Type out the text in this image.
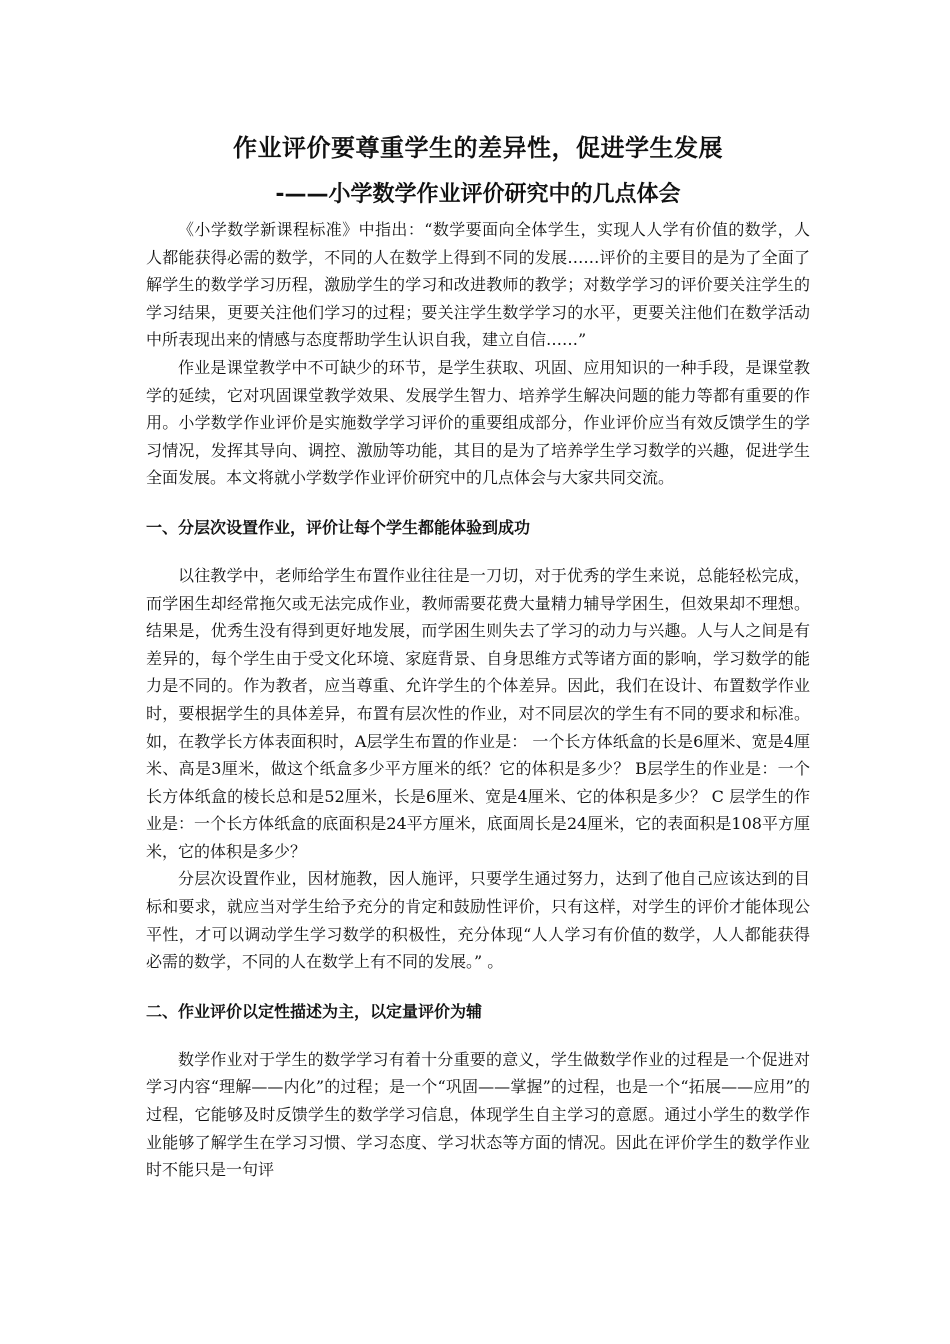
作业评价要尊重学生的差异性，促进学生发展
-——小学数学作业评价研究中的几点体会

《小学数学新课程标准》中指出：“数学要面向全体学生，实现人人学有价值的数学，人人都能获得必需的数学，不同的人在数学上得到不同的发展……评价的主要目的是为了全面了解学生的数学学习历程，激励学生的学习和改进教师的教学；对数学学习的评价要关注学生的学习结果，更要关注他们学习的过程；要关注学生数学学习的水平，更要关注他们在数学活动中所表现出来的情感与态度帮助学生认识自我，建立自信……”

作业是课堂教学中不可缺少的环节，是学生获取、巩固、应用知识的一种手段，是课堂教学的延续，它对巩固课堂教学效果、发展学生智力、培养学生解决问题的能力等都有重要的作用。小学数学作业评价是实施数学学习评价的重要组成部分，作业评价应当有效反馈学生的学习情况，发挥其导向、调控、激励等功能，其目的是为了培养学生学习数学的兴趣，促进学生全面发展。本文将就小学数学作业评价研究中的几点体会与大家共同交流。

一、分层次设置作业，评价让每个学生都能体验到成功

以往教学中，老师给学生布置作业往往是一刀切，对于优秀的学生来说，总能轻松完成，而学困生却经常拖欠或无法完成作业，教师需要花费大量精力辅导学困生，但效果却不理想。结果是，优秀生没有得到更好地发展，而学困生则失去了学习的动力与兴趣。人与人之间是有差异的，每个学生由于受文化环境、家庭背景、自身思维方式等诸方面的影响，学习数学的能力是不同的。作为教者，应当尊重、允许学生的个体差异。因此，我们在设计、布置数学作业时，要根据学生的具体差异，布置有层次性的作业，对不同层次的学生有不同的要求和标准。如，在教学长方体表面积时，A层学生布置的作业是： 一个长方体纸盒的长是6厘米、宽是4厘米、高是3厘米，做这个纸盒多少平方厘米的纸？它的体积是多少？ B层学生的作业是：一个长方体纸盒的棱长总和是52厘米，长是6厘米、宽是4厘米、它的体积是多少？ C 层学生的作业是：一个长方体纸盒的底面积是24平方厘米，底面周长是24厘米，它的表面积是108平方厘米，它的体积是多少？

分层次设置作业，因材施教，因人施评，只要学生通过努力，达到了他自己应该达到的目标和要求，就应当对学生给予充分的肯定和鼓励性评价，只有这样，对学生的评价才能体现公平性，才可以调动学生学习数学的积极性，充分体现“人人学习有价值的数学，人人都能获得必需的数学，不同的人在数学上有不同的发展。” 。

二、作业评价以定性描述为主，以定量评价为辅

数学作业对于学生的数学学习有着十分重要的意义，学生做数学作业的过程是一个促进对学习内容“理解——内化”的过程；是一个“巩固——掌握”的过程，也是一个“拓展——应用”的过程，它能够及时反馈学生的数学学习信息，体现学生自主学习的意愿。通过小学生的数学作业能够了解学生在学习习惯、学习态度、学习状态等方面的情况。因此在评价学生的数学作业时不能只是一句评
